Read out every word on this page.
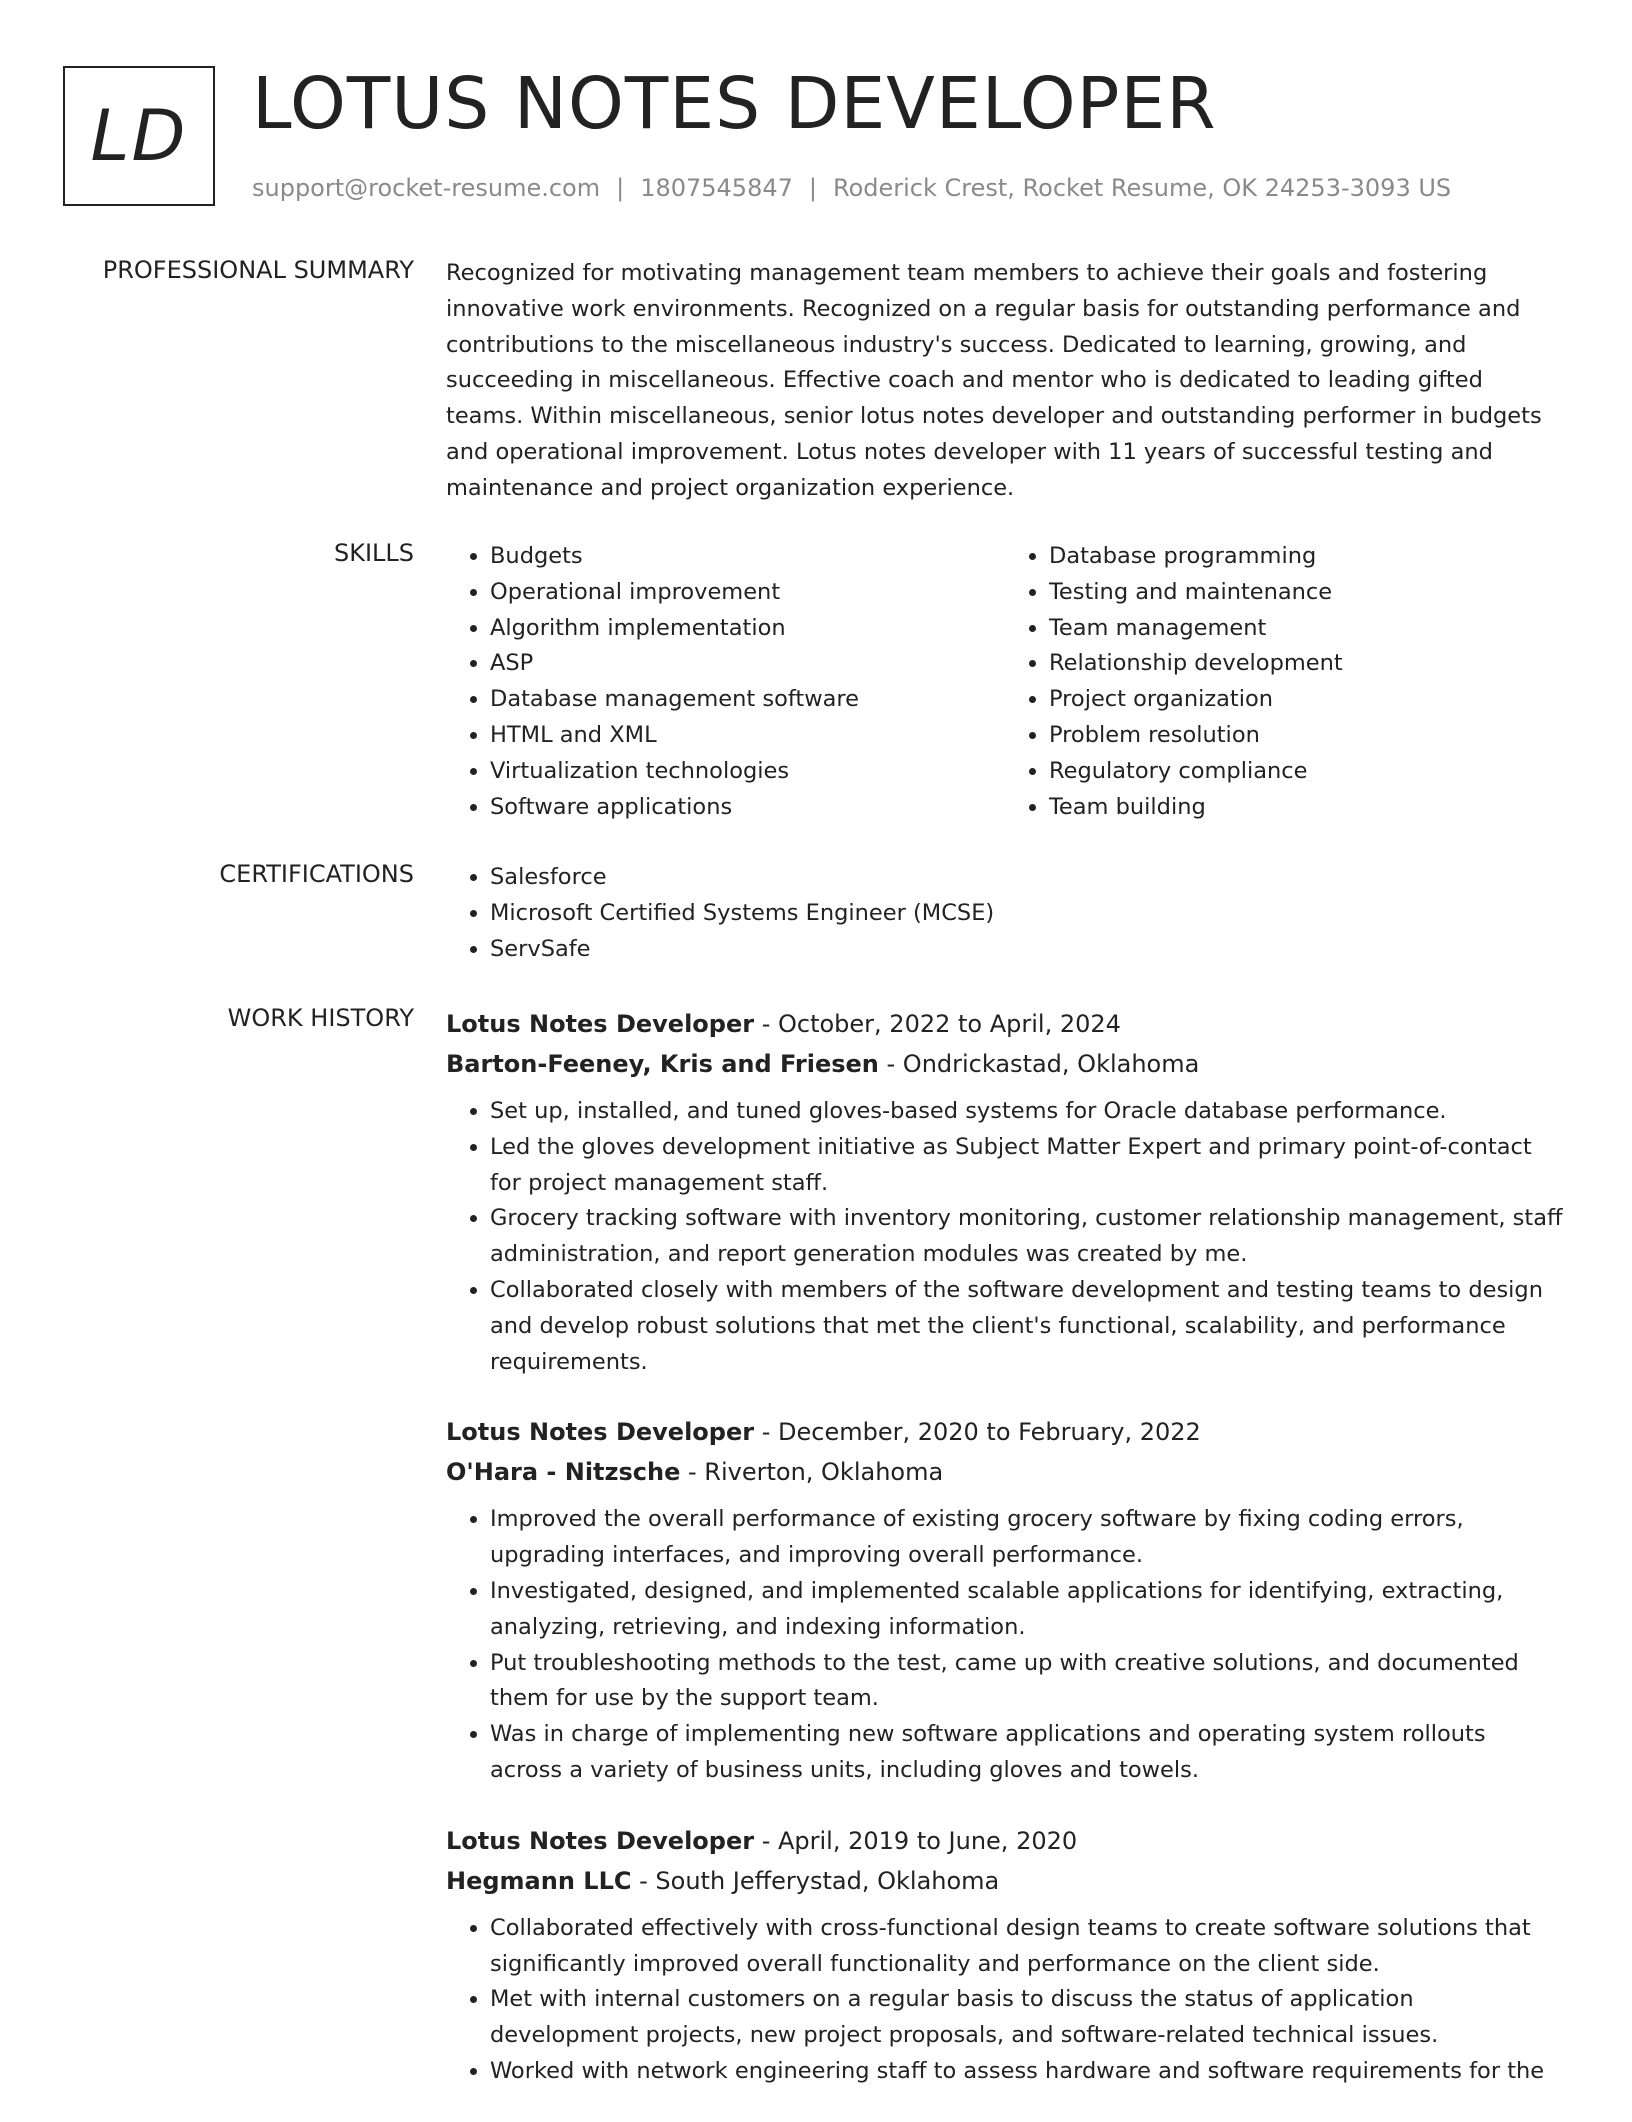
LD LOTUS NOTES DEVELOPER
support@rocket-resume.com | 1807545847 | Roderick Crest, Rocket Resume, OK 24253-3093 US
PROFESSIONAL SUMMARY Recognized for motivating management team members to achieve their goals and fostering innovative work environments. Recognized on a regular basis for outstanding performance and contributions to the miscellaneous industry's success. Dedicated to learning, growing, and succeeding in miscellaneous. Effective coach and mentor who is dedicated to leading gifted teams. Within miscellaneous, senior lotus notes developer and outstanding performer in budgets and operational improvement. Lotus notes developer with 11 years of successful testing and maintenance and project organization experience.

SKILLS	• Budgets
• Operational improvement
• Algorithm implementation
• ASP
• Database management software
• HTML and XML
• Virtualization technologies
• Software applications
• Database programming
• Testing and maintenance
• Team management
• Relationship development
• Project organization
• Problem resolution
• Regulatory compliance
• Team building
CERTIFICATIONS	• Salesforce
• Microsoft Certified Systems Engineer (MCSE)
• ServSafe
WORK HISTORY Lotus Notes Developer - October, 2022 to April, 2024
Barton-Feeney, Kris and Friesen - Ondrickastad, Oklahoma
• Set up, installed, and tuned gloves-based systems for Oracle database performance.
• Led the gloves development initiative as Subject Matter Expert and primary point-of-contact for project management staff.
• Grocery tracking software with inventory monitoring, customer relationship management, staff administration, and report generation modules was created by me.
• Collaborated closely with members of the software development and testing teams to design and develop robust solutions that met the client's functional, scalability, and performance requirements.
Lotus Notes Developer - December, 2020 to February, 2022
O'Hara - Nitzsche - Riverton, Oklahoma
• Improved the overall performance of existing grocery software by fixing coding errors, upgrading interfaces, and improving overall performance.
• Investigated, designed, and implemented scalable applications for identifying, extracting, analyzing, retrieving, and indexing information.
• Put troubleshooting methods to the test, came up with creative solutions, and documented them for use by the support team.
• Was in charge of implementing new software applications and operating system rollouts across a variety of business units, including gloves and towels.
Lotus Notes Developer - April, 2019 to June, 2020
Hegmann LLC - South Jefferystad, Oklahoma
• Collaborated effectively with cross-functional design teams to create software solutions that significantly improved overall functionality and performance on the client side.
• Met with internal customers on a regular basis to discuss the status of application development projects, new project proposals, and software-related technical issues.
• Worked with network engineering staff to assess hardware and software requirements for the
